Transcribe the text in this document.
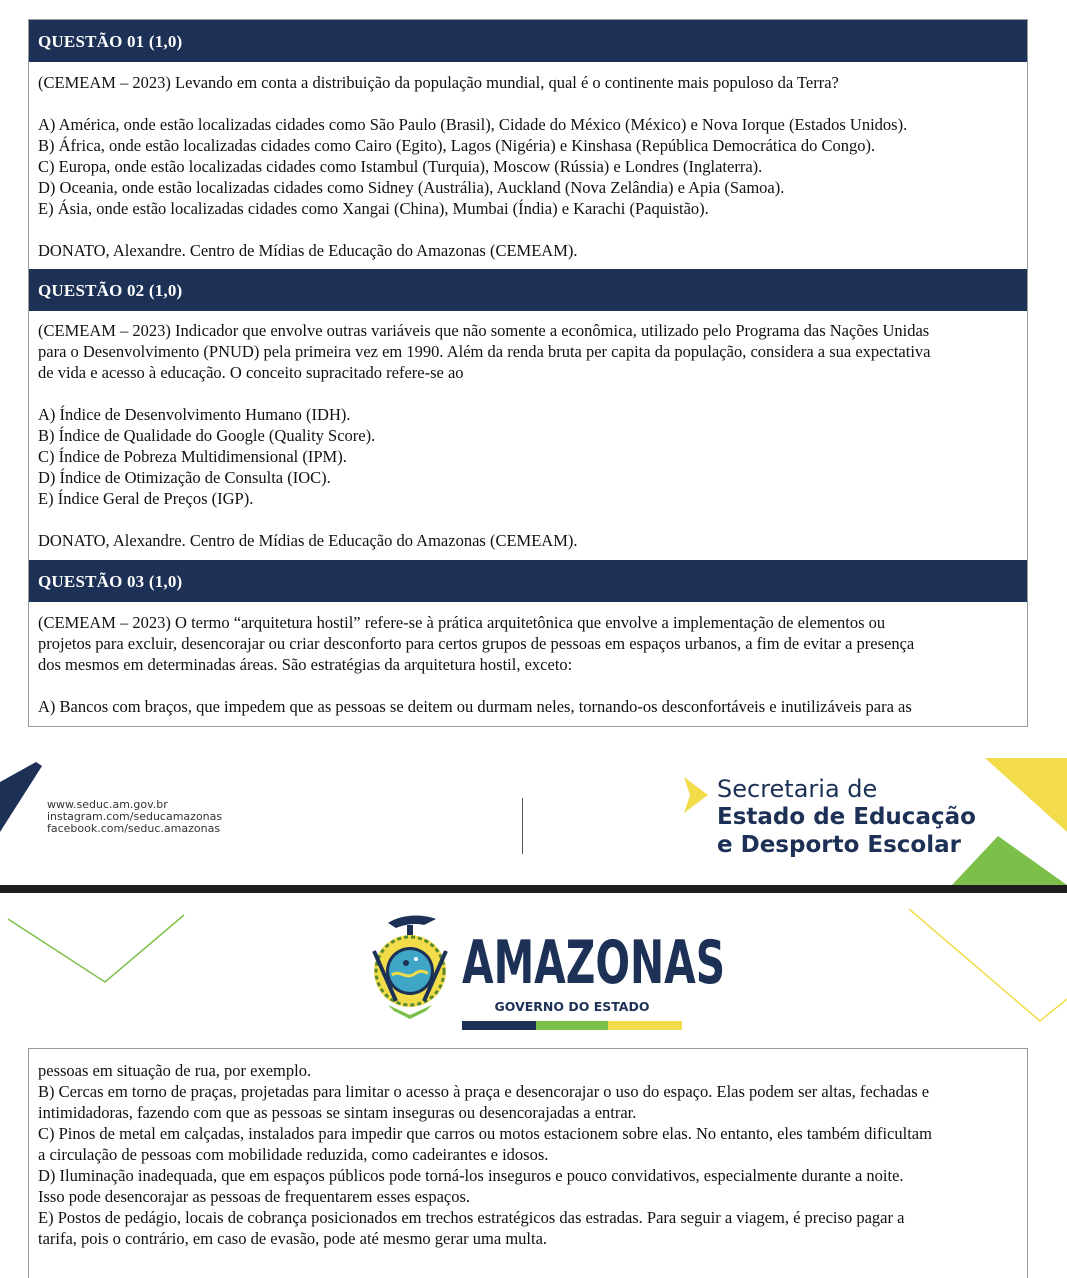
QUESTÃO 01 (1,0)

(CEMEAM – 2023) Levando em conta a distribuição da população mundial, qual é o continente mais populoso da Terra?

A) América, onde estão localizadas cidades como São Paulo (Brasil), Cidade do México (México) e Nova Iorque (Estados Unidos).

B) África, onde estão localizadas cidades como Cairo (Egito), Lagos (Nigéria) e Kinshasa (República Democrática do Congo).

C) Europa, onde estão localizadas cidades como Istambul (Turquia), Moscow (Rússia) e Londres (Inglaterra).

D) Oceania, onde estão localizadas cidades como Sidney (Austrália), Auckland (Nova Zelândia) e Apia (Samoa).

E) Ásia, onde estão localizadas cidades como Xangai (China), Mumbai (Índia) e Karachi (Paquistão).

DONATO, Alexandre. Centro de Mídias de Educação do Amazonas (CEMEAM).

QUESTÃO 02 (1,0)

(CEMEAM – 2023) Indicador que envolve outras variáveis que não somente a econômica, utilizado pelo Programa das Nações Unidas

para o Desenvolvimento (PNUD) pela primeira vez em 1990. Além da renda bruta per capita da população, considera a sua expectativa

de vida e acesso à educação. O conceito supracitado refere-se ao

A) Índice de Desenvolvimento Humano (IDH).

B) Índice de Qualidade do Google (Quality Score).

C) Índice de Pobreza Multidimensional (IPM).

D) Índice de Otimização de Consulta (IOC).

E) Índice Geral de Preços (IGP).

DONATO, Alexandre. Centro de Mídias de Educação do Amazonas (CEMEAM).

QUESTÃO 03 (1,0)

(CEMEAM – 2023) O termo “arquitetura hostil” refere-se à prática arquitetônica que envolve a implementação de elementos ou

projetos para excluir, desencorajar ou criar desconforto para certos grupos de pessoas em espaços urbanos, a fim de evitar a presença

dos mesmos em determinadas áreas. São estratégias da arquitetura hostil, exceto:

A) Bancos com braços, que impedem que as pessoas se deitem ou durmam neles, tornando-os desconfortáveis e inutilizáveis para as

www.seduc.am.gov.br
instagram.com/seducamazonas
facebook.com/seduc.amazonas
Secretaria de
Estado de Educação
e Desporto Escolar
AMAZONAS
GOVERNO DO ESTADO

pessoas em situação de rua, por exemplo.

B) Cercas em torno de praças, projetadas para limitar o acesso à praça e desencorajar o uso do espaço. Elas podem ser altas, fechadas e

intimidadoras, fazendo com que as pessoas se sintam inseguras ou desencorajadas a entrar.

C) Pinos de metal em calçadas, instalados para impedir que carros ou motos estacionem sobre elas. No entanto, eles também dificultam

a circulação de pessoas com mobilidade reduzida, como cadeirantes e idosos.

D) Iluminação inadequada, que em espaços públicos pode torná-los inseguros e pouco convidativos, especialmente durante a noite.

Isso pode desencorajar as pessoas de frequentarem esses espaços.

E) Postos de pedágio, locais de cobrança posicionados em trechos estratégicos das estradas. Para seguir a viagem, é preciso pagar a

tarifa, pois o contrário, em caso de evasão, pode até mesmo gerar uma multa.
